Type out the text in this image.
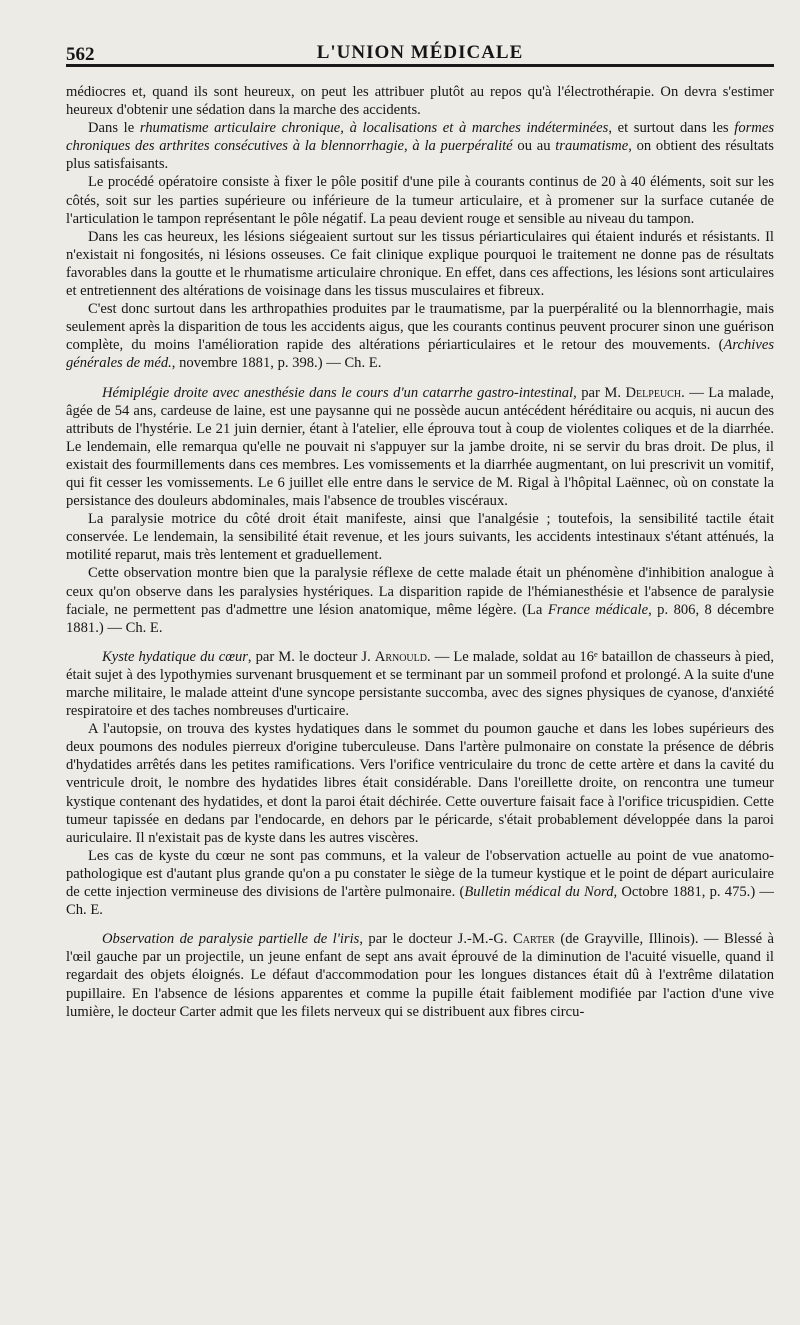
562	L'UNION MÉDICALE

médiocres et, quand ils sont heureux, on peut les attribuer plutôt au repos qu'à l'électrothérapie. On devra s'estimer heureux d'obtenir une sédation dans la marche des accidents.

Dans le rhumatisme articulaire chronique, à localisations et à marches indéterminées, et surtout dans les formes chroniques des arthrites consécutives à la blennorrhagie, à la puerpéralité ou au traumatisme, on obtient des résultats plus satisfaisants.

Le procédé opératoire consiste à fixer le pôle positif d'une pile à courants continus de 20 à 40 éléments, soit sur les côtés, soit sur les parties supérieure ou inférieure de la tumeur articulaire, et à promener sur la surface cutanée de l'articulation le tampon représentant le pôle négatif. La peau devient rouge et sensible au niveau du tampon.

Dans les cas heureux, les lésions siégeaient surtout sur les tissus périarticulaires qui étaient indurés et résistants. Il n'existait ni fongosités, ni lésions osseuses. Ce fait clinique explique pourquoi le traitement ne donne pas de résultats favorables dans la goutte et le rhumatisme articulaire chronique. En effet, dans ces affections, les lésions sont articulaires et entretiennent des altérations de voisinage dans les tissus musculaires et fibreux.

C'est donc surtout dans les arthropathies produites par le traumatisme, par la puerpéralité ou la blennorrhagie, mais seulement après la disparition de tous les accidents aigus, que les courants continus peuvent procurer sinon une guérison complète, du moins l'amélioration rapide des altérations périarticulaires et le retour des mouvements. (Archives générales de méd., novembre 1881, p. 398.) — Ch. E.

Hémiplégie droite avec anesthésie dans le cours d'un catarrhe gastro-intestinal, par M. Delpeuch. — La malade, âgée de 54 ans, cardeuse de laine, est une paysanne qui ne possède aucun antécédent héréditaire ou acquis, ni aucun des attributs de l'hystérie. Le 21 juin dernier, étant à l'atelier, elle éprouva tout à coup de violentes coliques et de la diarrhée. Le lendemain, elle remarqua qu'elle ne pouvait ni s'appuyer sur la jambe droite, ni se servir du bras droit. De plus, il existait des fourmillements dans ces membres. Les vomissements et la diarrhée augmentant, on lui prescrivit un vomitif, qui fit cesser les vomissements. Le 6 juillet elle entre dans le service de M. Rigal à l'hôpital Laënnec, où on constate la persistance des douleurs abdominales, mais l'absence de troubles viscéraux.

La paralysie motrice du côté droit était manifeste, ainsi que l'analgésie ; toutefois, la sensibilité tactile était conservée. Le lendemain, la sensibilité était revenue, et les jours suivants, les accidents intestinaux s'étant atténués, la motilité reparut, mais très lentement et graduellement.

Cette observation montre bien que la paralysie réflexe de cette malade était un phénomène d'inhibition analogue à ceux qu'on observe dans les paralysies hystériques. La disparition rapide de l'hémianesthésie et l'absence de paralysie faciale, ne permettent pas d'admettre une lésion anatomique, même légère. (La France médicale, p. 806, 8 décembre 1881.) — Ch. E.

Kyste hydatique du cœur, par M. le docteur J. Arnould. — Le malade, soldat au 16ᵉ bataillon de chasseurs à pied, était sujet à des lypothymies survenant brusquement et se terminant par un sommeil profond et prolongé. A la suite d'une marche militaire, le malade atteint d'une syncope persistante succomba, avec des signes physiques de cyanose, d'anxiété respiratoire et des taches nombreuses d'urticaire.

A l'autopsie, on trouva des kystes hydatiques dans le sommet du poumon gauche et dans les lobes supérieurs des deux poumons des nodules pierreux d'origine tuberculeuse. Dans l'artère pulmonaire on constate la présence de débris d'hydatides arrêtés dans les petites ramifications. Vers l'orifice ventriculaire du tronc de cette artère et dans la cavité du ventricule droit, le nombre des hydatides libres était considérable. Dans l'oreillette droite, on rencontra une tumeur kystique contenant des hydatides, et dont la paroi était déchirée. Cette ouverture faisait face à l'orifice tricuspidien. Cette tumeur tapissée en dedans par l'endocarde, en dehors par le péricarde, s'était probablement développée dans la paroi auriculaire. Il n'existait pas de kyste dans les autres viscères.

Les cas de kyste du cœur ne sont pas communs, et la valeur de l'observation actuelle au point de vue anatomo-pathologique est d'autant plus grande qu'on a pu constater le siège de la tumeur kystique et le point de départ auriculaire de cette injection vermineuse des divisions de l'artère pulmonaire. (Bulletin médical du Nord, Octobre 1881, p. 475.) — Ch. E.

Observation de paralysie partielle de l'iris, par le docteur J.-M.-G. Carter (de Grayville, Illinois). — Blessé à l'œil gauche par un projectile, un jeune enfant de sept ans avait éprouvé de la diminution de l'acuité visuelle, quand il regardait des objets éloignés. Le défaut d'accommodation pour les longues distances était dû à l'extrême dilatation pupillaire. En l'absence de lésions apparentes et comme la pupille était faiblement modifiée par l'action d'une vive lumière, le docteur Carter admit que les filets nerveux qui se distribuent aux fibres circu-
